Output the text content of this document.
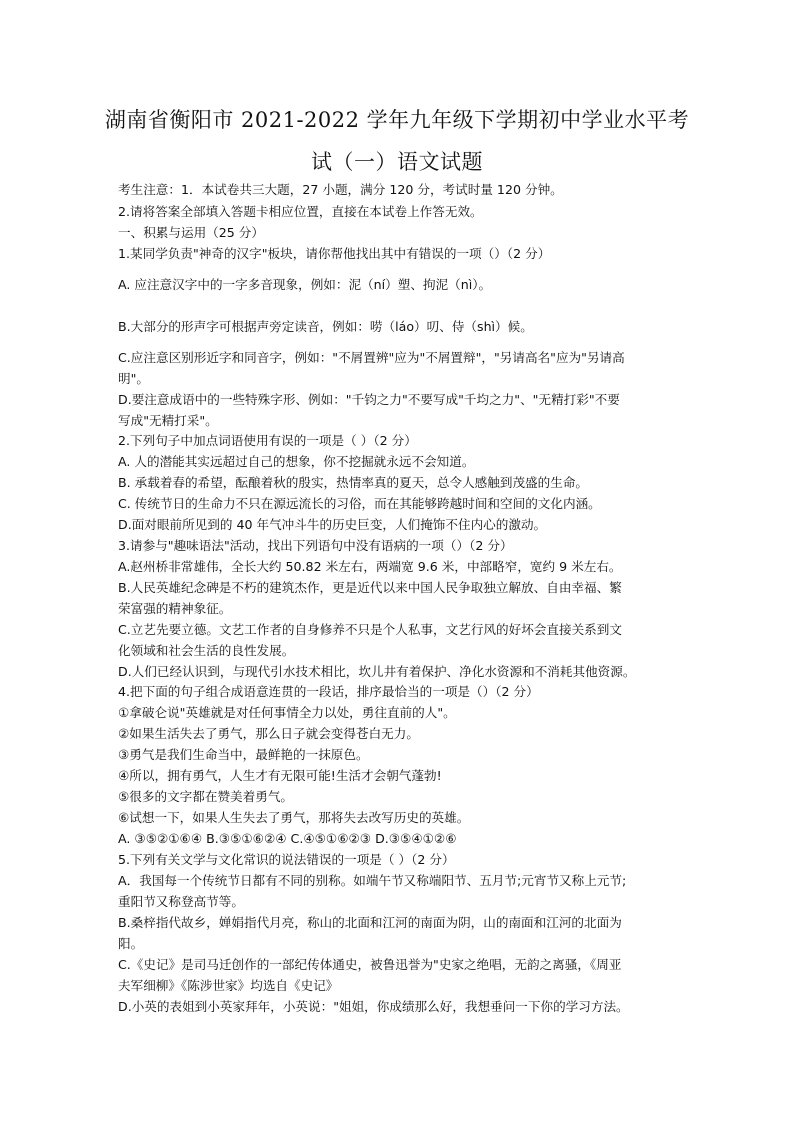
湖南省衡阳市 2021-2022 学年九年级下学期初中学业水平考
试（一）语文试题
考生注意：1．本试卷共三大题，27 小题，满分 120 分，考试时量 120 分钟。
2.请将答案全部填入答题卡相应位置，直接在本试卷上作答无效。
一、积累与运用（25 分）
1.某同学负责"神奇的汉字"板块，请你帮他找出其中有错误的一项（）（2 分）
A. 应注意汉字中的一字多音现象，例如：泥（ní）塑、拘泥（nì）。
B.大部分的形声字可根据声旁定读音，例如：唠（láo）叨、侍（shì）候。
C.应注意区别形近字和同音字，例如："不屑置辨"应为"不屑置辩"，"另请高名"应为"另请高
明"。
D.要注意成语中的一些特殊字形、例如："千钧之力"不要写成"千均之力"、"无精打彩"不要
写成"无精打采"。
2.下列句子中加点词语使用有误的一项是（ ）（2 分）
A. 人的潜能其实远超过自己的想象，你不挖掘就永远不会知道。
B. 承载着春的希望，酝酿着秋的殷实，热情率真的夏天，总令人感触到茂盛的生命。
C. 传统节日的生命力不只在源远流长的习俗，而在其能够跨越时间和空间的文化内涵。
D.面对眼前所见到的 40 年气冲斗牛的历史巨变，人们掩饰不住内心的激动。
3.请参与"趣味语法"活动，找出下列语句中没有语病的一项（）（2 分）
A.赵州桥非常雄伟，全长大约 50.82 米左右，两端宽 9.6 米，中部略窄，宽约 9 米左右。
B.人民英雄纪念碑是不朽的建筑杰作，更是近代以来中国人民争取独立解放、自由幸福、繁
荣富强的精神象征。
C.立艺先要立德。文艺工作者的自身修养不只是个人私事，文艺行风的好坏会直接关系到文
化领域和社会生活的良性发展。
D.人们已经认识到，与现代引水技术相比，坎儿井有着保护、净化水资源和不消耗其他资源。
4.把下面的句子组合成语意连贯的一段话，排序最恰当的一项是（）（2 分）
①拿破仑说"英雄就是对任何事情全力以处，勇往直前的人"。
②如果生活失去了勇气，那么日子就会变得苍白无力。
③勇气是我们生命当中，最鲜艳的一抹原色。
④所以，拥有勇气，人生才有无限可能!生活才会朝气蓬勃!
⑤很多的文字都在赞美着勇气。
⑥试想一下，如果人生失去了勇气，那将失去改写历史的英雄。
A. ③⑤②①⑥④ B.③⑤①⑥②④ C.④⑤①⑥②③ D.③⑤④①②⑥
5.下列有关文学与文化常识的说法错误的一项是（ ）（2 分）
A．我国每一个传统节日都有不同的别称。如端午节又称端阳节、五月节;元宵节又称上元节;
重阳节又称登高节等。
B.桑梓指代故乡，婵娟指代月亮，称山的北面和江河的南面为阴，山的南面和江河的北面为
阳。
C.《史记》是司马迁创作的一部纪传体通史，被鲁迅誉为"史家之绝唱，无韵之离骚，《周亚
夫军细柳》《陈涉世家》均选自《史记》
D.小英的表姐到小英家拜年，小英说："姐姐，你成绩那么好，我想垂问一下你的学习方法。
